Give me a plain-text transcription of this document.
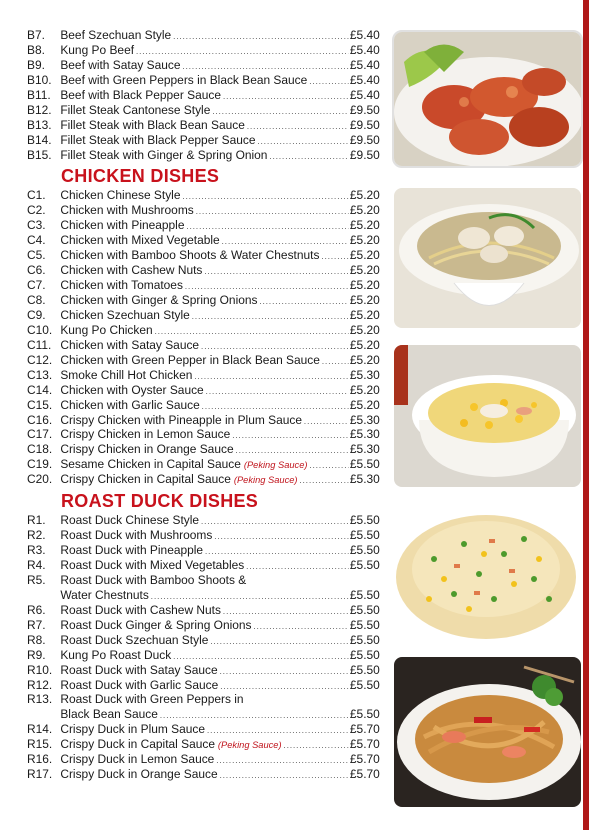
B7.	Beef Szechuan Style .....	£5.40
B8.	Kung Po Beef .....	£5.40
B9.	Beef with Satay Sauce .....	£5.40
B10. Beef with Green Peppers in Black Bean Sauce .....	£5.40
B11. Beef with Black Pepper Sauce .....	£5.40
B12. Fillet Steak Cantonese Style .....	£9.50
B13. Fillet Steak with Black Bean Sauce .....	£9.50
B14. Fillet Steak with Black Pepper Sauce .....	£9.50
B15. Fillet Steak with Ginger & Spring Onion .....	£9.50
CHICKEN DISHES
C1.	Chicken Chinese Style .....	£5.20
C2.	Chicken with Mushrooms .....	£5.20
C3.	Chicken with Pineapple .....	£5.20
C4.	Chicken with Mixed Vegetable .....	£5.20
C5.	Chicken with Bamboo Shoots & Water Chestnuts ..... £5.20
C6.	Chicken with Cashew Nuts .....	£5.20
C7.	Chicken with Tomatoes .....	£5.20
C8.	Chicken with Ginger & Spring Onions .....	£5.20
C9.	Chicken Szechuan Style .....	£5.20
C10. Kung Po Chicken .....	£5.20
C11. Chicken with Satay Sauce .....	£5.20
C12. Chicken with Green Pepper in Black Bean Sauce ..... £5.20
C13. Smoke Chill Hot Chicken .....	£5.30
C14. Chicken with Oyster Sauce .....	£5.20
C15. Chicken with Garlic Sauce .....	£5.20
C16. Crispy Chicken with Pineapple in Plum Sauce .....	£5.30
C17. Crispy Chicken in Lemon Sauce .....	£5.30
C18. Crispy Chicken in Orange Sauce .....	£5.30
C19. Sesame Chicken in Capital Sauce (Peking Sauce) .....	£5.50
C20. Crispy Chicken in Capital Sauce (Peking Sauce) .....	£5.30
ROAST DUCK DISHES
R1.	Roast Duck Chinese Style .....	£5.50
R2.	Roast Duck with Mushrooms .....	£5.50
R3.	Roast Duck with Pineapple .....	£5.50
R4.	Roast Duck with Mixed Vegetables .....	£5.50
R5.	Roast Duck with Bamboo Shoots &
Water Chestnuts .....	£5.50
R6.	Roast Duck with Cashew Nuts .....	£5.50
R7.	Roast Duck Ginger & Spring Onions .....	£5.50
R8.	Roast Duck Szechuan Style .....	£5.50
R9.	Kung Po Roast Duck .....	£5.50
R10. Roast Duck with Satay Sauce .....	£5.50
R12. Roast Duck with Garlic Sauce .....	£5.50
R13. Roast Duck with Green Peppers in
Black Bean Sauce .....	£5.50
R14. Crispy Duck in Plum Sauce .....	£5.70
R15. Crispy Duck in Capital Sauce (Peking Sauce) .....	£5.70
R16. Crispy Duck in Lemon Sauce .....	£5.70
R17. Crispy Duck in Orange Sauce .....	£5.70
